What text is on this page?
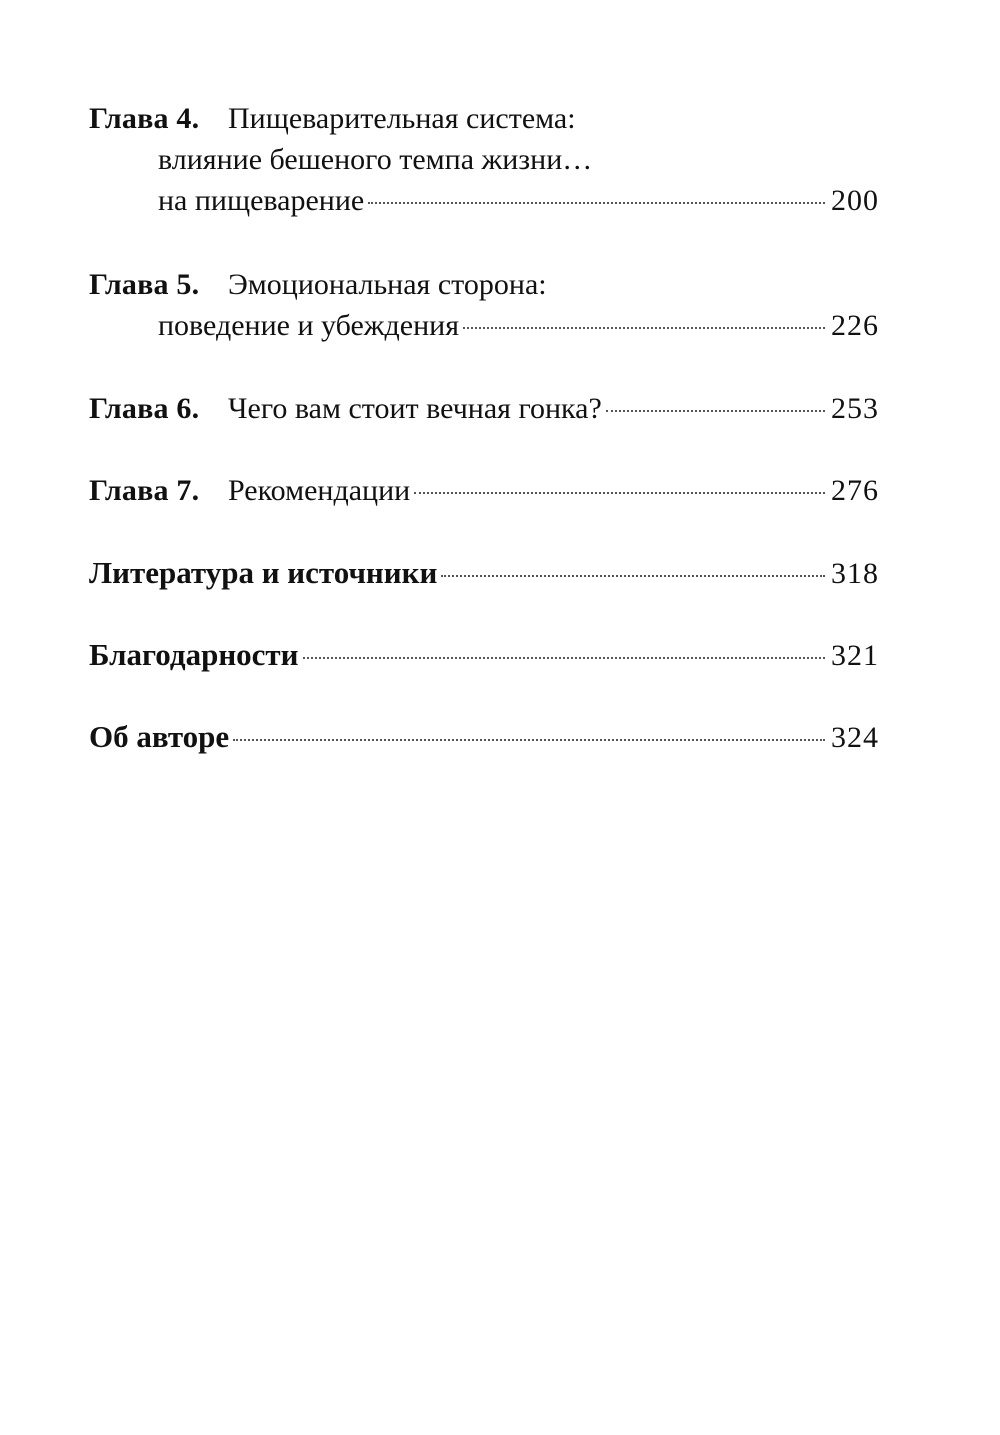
Глава 4. Пищеварительная система:
влияние бешеного темпа жизни…
на пищеварение	200
Глава 5. Эмоциональная сторона:
поведение и убеждения	226
Глава 6. Чего вам стоит вечная гонка?	253
Глава 7. Рекомендации	276
Литература и источники	318
Благодарности	321
Об авторе	324
